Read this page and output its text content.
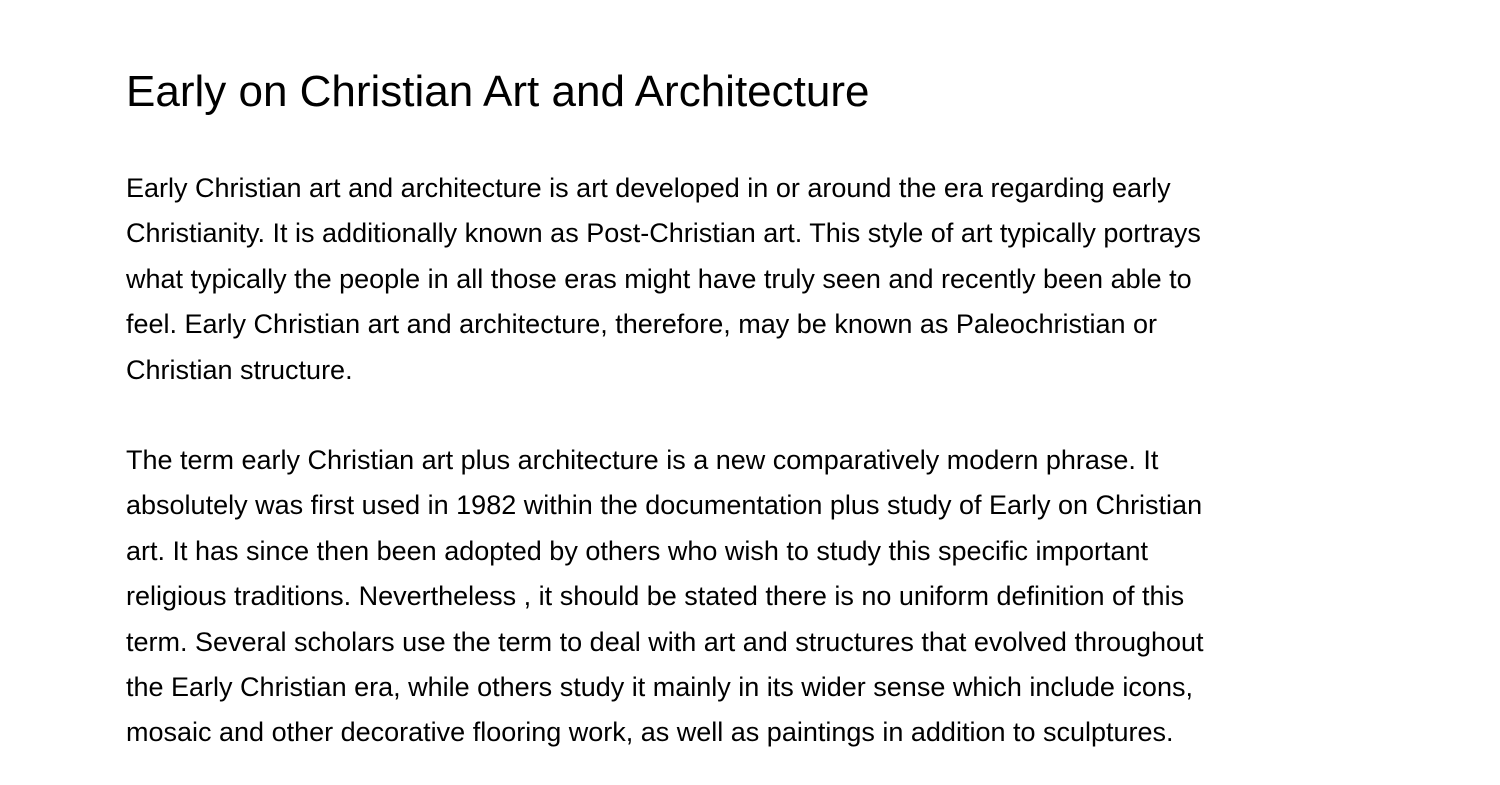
Early on Christian Art and Architecture

Early Christian art and architecture is art developed in or around the era regarding early
Christianity. It is additionally known as Post-Christian art. This style of art typically portrays
what typically the people in all those eras might have truly seen and recently been able to
feel. Early Christian art and architecture, therefore, may be known as Paleochristian or
Christian structure.

The term early Christian art plus architecture is a new comparatively modern phrase. It
absolutely was first used in 1982 within the documentation plus study of Early on Christian
art. It has since then been adopted by others who wish to study this specific important
religious traditions. Nevertheless , it should be stated there is no uniform definition of this
term. Several scholars use the term to deal with art and structures that evolved throughout
the Early Christian era, while others study it mainly in its wider sense which include icons,
mosaic and other decorative flooring work, as well as paintings in addition to sculptures.
